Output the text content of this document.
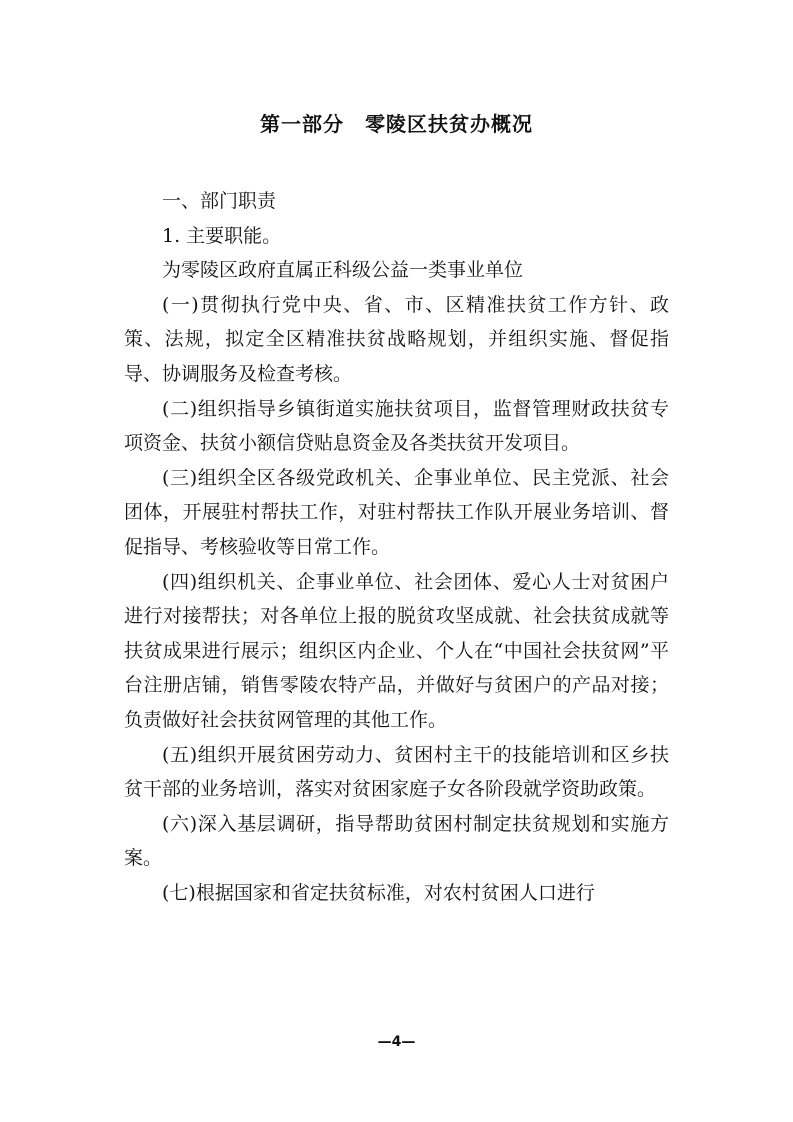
第一部分　零陵区扶贫办概况

一、部门职责

1. 主要职能。

为零陵区政府直属正科级公益一类事业单位

(一)贯彻执行党中央、省、市、区精准扶贫工作方针、政策、法规，拟定全区精准扶贫战略规划，并组织实施、督促指导、协调服务及检查考核。

(二)组织指导乡镇街道实施扶贫项目，监督管理财政扶贫专项资金、扶贫小额信贷贴息资金及各类扶贫开发项目。

(三)组织全区各级党政机关、企事业单位、民主党派、社会团体，开展驻村帮扶工作，对驻村帮扶工作队开展业务培训、督促指导、考核验收等日常工作。

(四)组织机关、企事业单位、社会团体、爱心人士对贫困户进行对接帮扶；对各单位上报的脱贫攻坚成就、社会扶贫成就等扶贫成果进行展示；组织区内企业、个人在“中国社会扶贫网”平台注册店铺，销售零陵农特产品，并做好与贫困户的产品对接；负责做好社会扶贫网管理的其他工作。

(五)组织开展贫困劳动力、贫困村主干的技能培训和区乡扶贫干部的业务培训，落实对贫困家庭子女各阶段就学资助政策。

(六)深入基层调研，指导帮助贫困村制定扶贫规划和实施方案。

(七)根据国家和省定扶贫标准，对农村贫困人口进行

—4—
